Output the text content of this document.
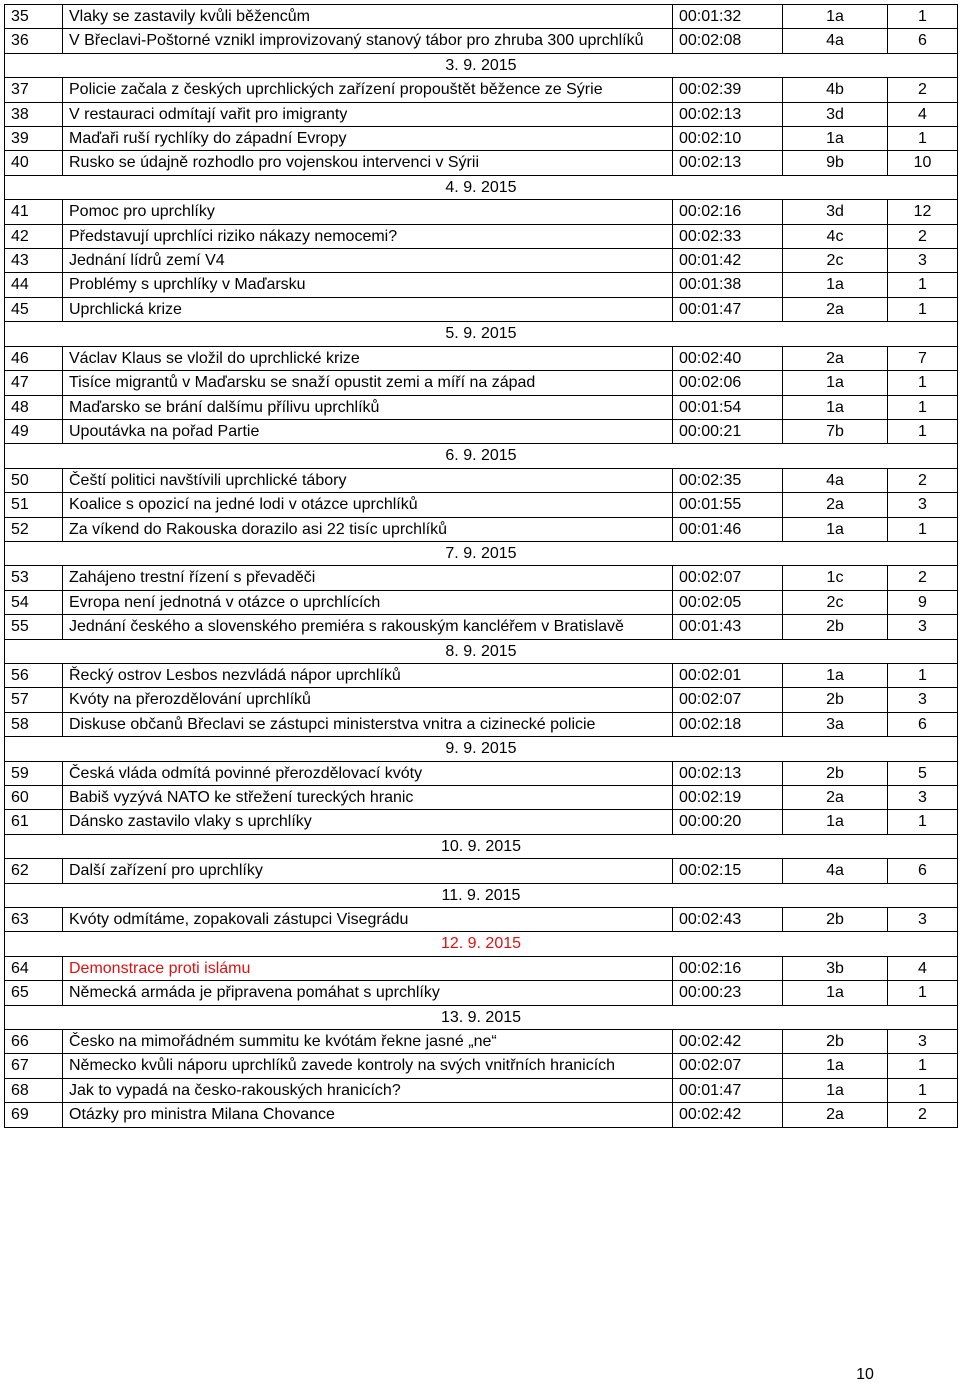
35	Vlaky se zastavily kvůli běžencům	00:01:32	1a	1
36	V Břeclavi-Poštorné vznikl improvizovaný stanový tábor pro zhruba 300 uprchlíků	00:02:08	4a	6
3. 9. 2015				
37	Policie začala z českých uprchlických zařízení propouštět běžence ze Sýrie	00:02:39	4b	2
38	V restauraci odmítají vařit pro imigranty	00:02:13	3d	4
39	Maďaři ruší rychlíky do západní Evropy	00:02:10	1a	1
40	Rusko se údajně rozhodlo pro vojenskou intervenci v Sýrii	00:02:13	9b	10
4. 9. 2015				
41	Pomoc pro uprchlíky	00:02:16	3d	12
42	Představují uprchlíci riziko nákazy nemocemi?	00:02:33	4c	2
43	Jednání lídrů zemí V4	00:01:42	2c	3
44	Problémy s uprchlíky v Maďarsku	00:01:38	1a	1
45	Uprchlická krize	00:01:47	2a	1
5. 9. 2015				
46	Václav Klaus se vložil do uprchlické krize	00:02:40	2a	7
47	Tisíce migrantů v Maďarsku se snaží opustit zemi a míří na západ	00:02:06	1a	1
48	Maďarsko se brání dalšímu přílivu uprchlíků	00:01:54	1a	1
49	Upoutávka na pořad Partie	00:00:21	7b	1
6. 9. 2015				
50	Čeští politici navštívili uprchlické tábory	00:02:35	4a	2
51	Koalice s opozicí na jedné lodi v otázce uprchlíků	00:01:55	2a	3
52	Za víkend do Rakouska dorazilo asi 22 tisíc uprchlíků	00:01:46	1a	1
7. 9. 2015				
53	Zahájeno trestní řízení s převaděči	00:02:07	1c	2
54	Evropa není jednotná v otázce o uprchlících	00:02:05	2c	9
55	Jednání českého a slovenského premiéra s rakouským kancléřem v Bratislavě	00:01:43	2b	3
8. 9. 2015				
56	Řecký ostrov Lesbos nezvládá nápor uprchlíků	00:02:01	1a	1
57	Kvóty na přerozdělování uprchlíků	00:02:07	2b	3
58	Diskuse občanů Břeclavi se zástupci ministerstva vnitra a cizinecké policie	00:02:18	3a	6
9. 9. 2015				
59	Česká vláda odmítá povinné přerozdělovací kvóty	00:02:13	2b	5
60	Babiš vyzývá NATO ke střežení tureckých hranic	00:02:19	2a	3
61	Dánsko zastavilo vlaky s uprchlíky	00:00:20	1a	1
10. 9. 2015				
62	Další zařízení pro uprchlíky	00:02:15	4a	6
11. 9. 2015				
63	Kvóty odmítáme, zopakovali zástupci Visegrádu	00:02:43	2b	3
12. 9. 2015				
64	Demonstrace proti islámu	00:02:16	3b	4
65	Německá armáda je připravena pomáhat s uprchlíky	00:00:23	1a	1
13. 9. 2015				
66	Česko na mimořádném summitu ke kvótám řekne jasné „ne“	00:02:42	2b	3
67	Německo kvůli náporu uprchlíků zavede kontroly na svých vnitřních hranicích	00:02:07	1a	1
68	Jak to vypadá na česko-rakouských hranicích?	00:01:47	1a	1
69	Otázky pro ministra Milana Chovance	00:02:42	2a	2
10
